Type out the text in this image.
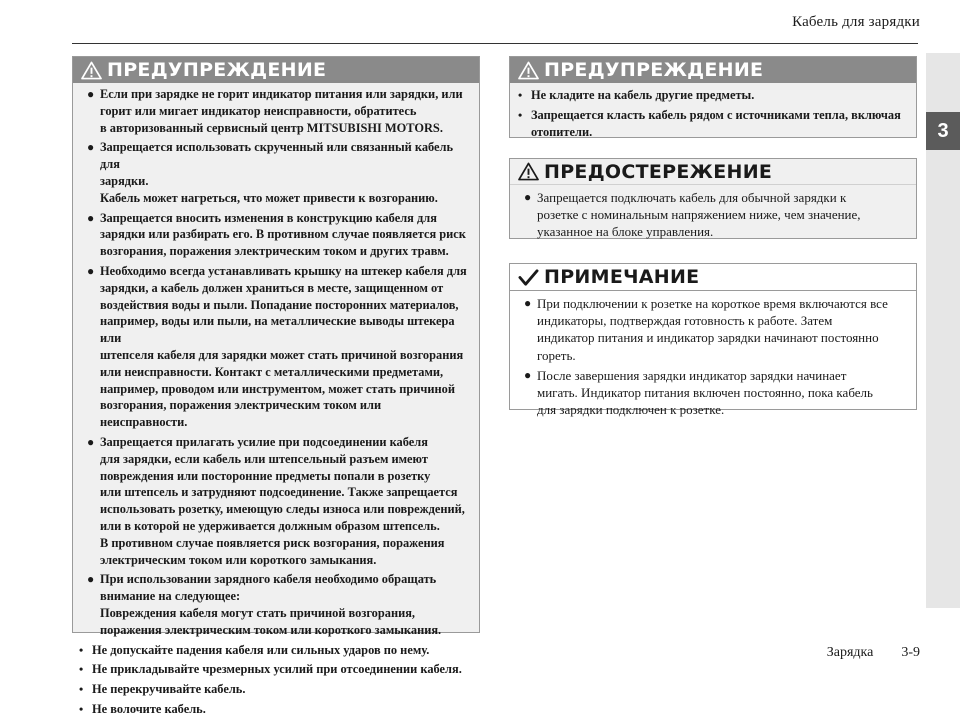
Кабель для зарядки
3
ПРЕДУПРЕЖДЕНИЕ
● Если при зарядке не горит индикатор питания или зарядки, или
горит или мигает индикатор неисправности, обратитесь
в авторизованный сервисный центр MITSUBISHI MOTORS.
● Запрещается использовать скрученный или связанный кабель для
зарядки.
Кабель может нагреться, что может привести к возгоранию.
● Запрещается вносить изменения в конструкцию кабеля для
зарядки или разбирать его. В противном случае появляется риск
возгорания, поражения электрическим током и других травм.
● Необходимо всегда устанавливать крышку на штекер кабеля для
зарядки, а кабель должен храниться в месте, защищенном от
воздействия воды и пыли. Попадание посторонних материалов,
например, воды или пыли, на металлические выводы штекера или
штепселя кабеля для зарядки может стать причиной возгорания
или неисправности. Контакт с металлическими предметами,
например, проводом или инструментом, может стать причиной
возгорания, поражения электрическим током или неисправности.
● Запрещается прилагать усилие при подсоединении кабеля
для зарядки, если кабель или штепсельный разъем имеют
повреждения или посторонние предметы попали в розетку
или штепсель и затрудняют подсоединение. Также запрещается
использовать розетку, имеющую следы износа или повреждений,
или в которой не удерживается должным образом штепсель.
В противном случае появляется риск возгорания, поражения
электрическим током или короткого замыкания.
● При использовании зарядного кабеля необходимо обращать
внимание на следующее:
Повреждения кабеля могут стать причиной возгорания,
поражения электрическим током или короткого замыкания.
• Не допускайте падения кабеля или сильных ударов по нему.
• Не прикладывайте чрезмерных усилий при отсоединении кабеля.
• Не перекручивайте кабель.
• Не волочите кабель.
ПРЕДУПРЕЖДЕНИЕ
• Не кладите на кабель другие предметы.
• Запрещается класть кабель рядом с источниками тепла, включая
отопители.
ПРЕДОСТЕРЕЖЕНИЕ
● Запрещается подключать кабель для обычной зарядки к
розетке с номинальным напряжением ниже, чем значение,
указанное на блоке управления.
ПРИМЕЧАНИЕ
● При подключении к розетке на короткое время включаются все
индикаторы, подтверждая готовность к работе. Затем
индикатор питания и индикатор зарядки начинают постоянно
гореть.
● После завершения зарядки индикатор зарядки начинает
мигать. Индикатор питания включен постоянно, пока кабель
для зарядки подключен к розетке.
Зарядка 3-9
